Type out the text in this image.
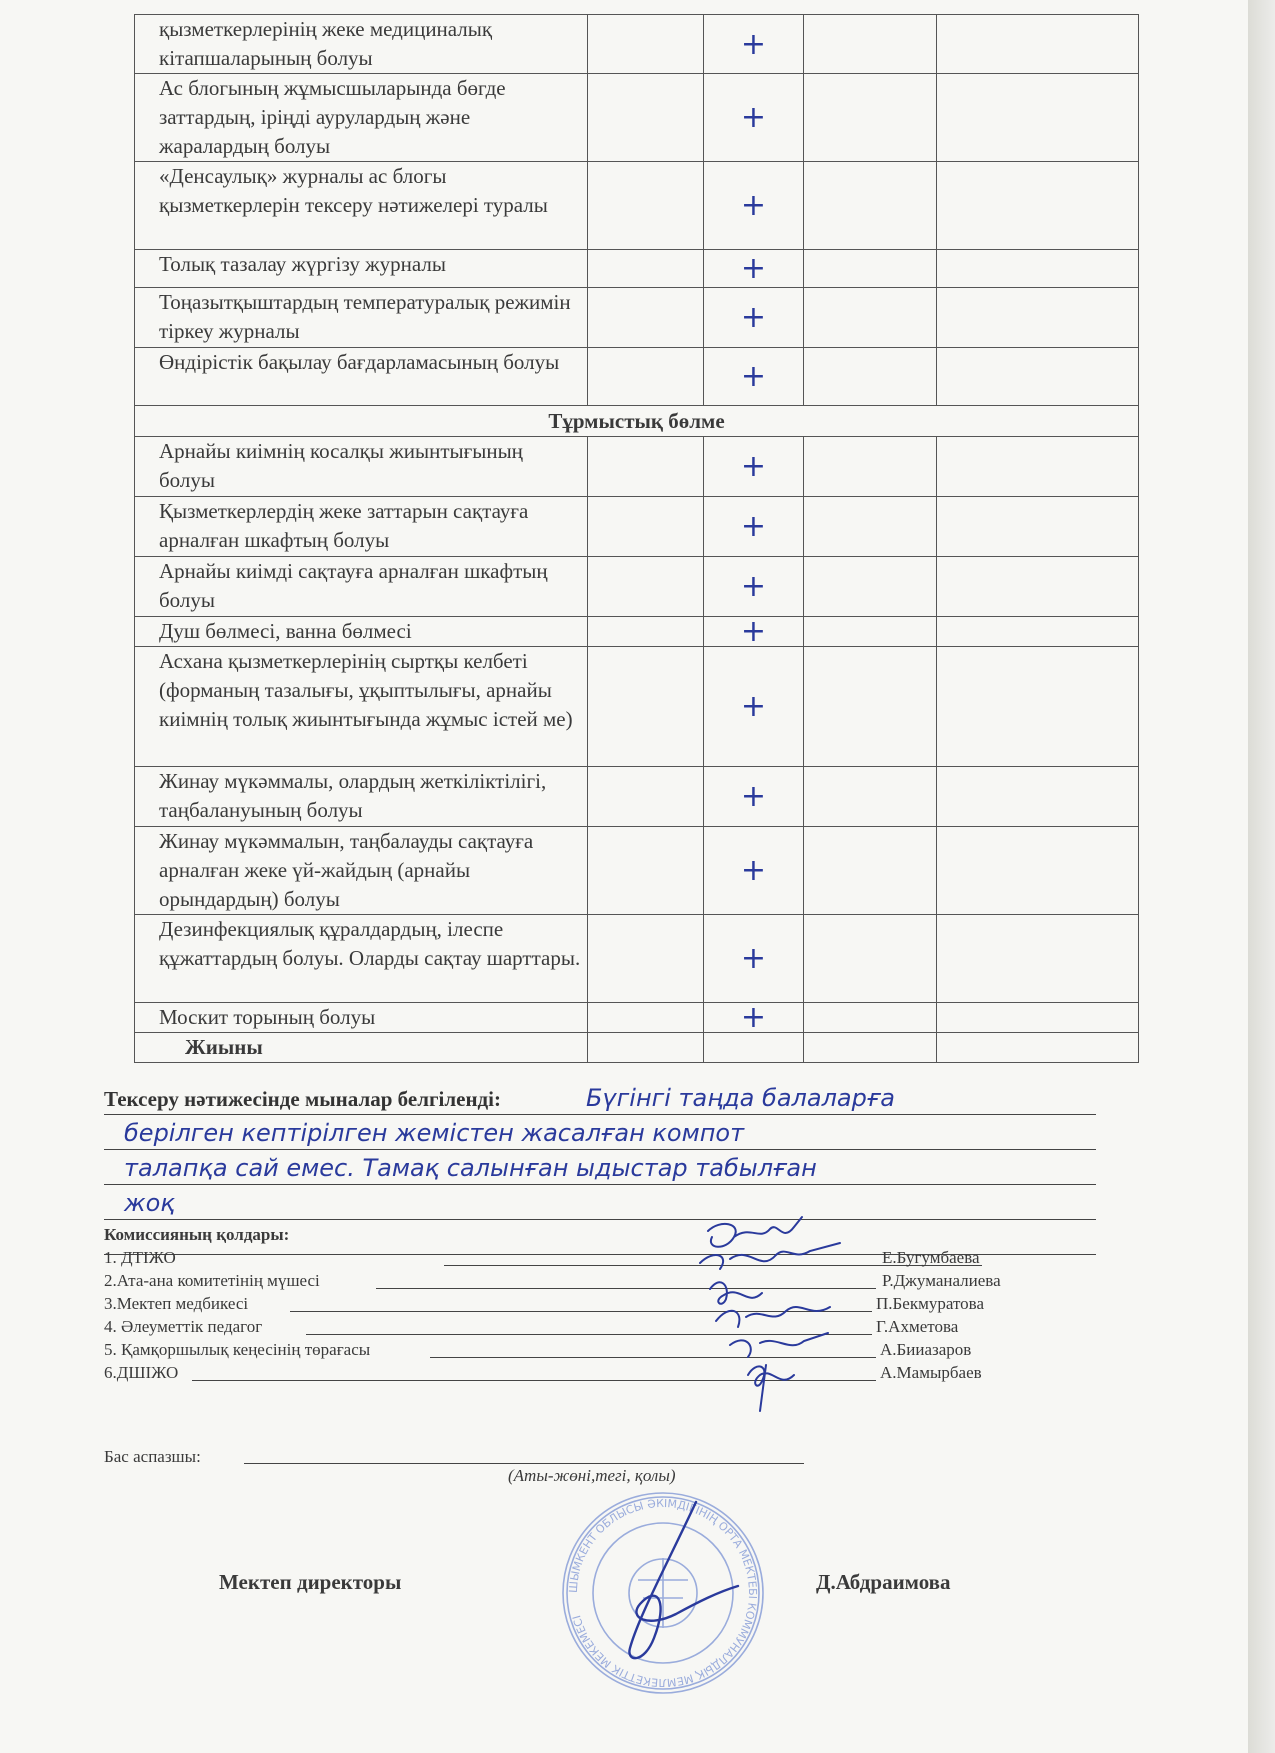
қызметкерлерінің жеке медициналық кітапшаларының болуы		+		
Ас блогының жұмысшыларында бөгде заттардың, іріңді аурулардың және жаралардың болуы		+		
«Денсаулық» журналы ас блогы қызметкерлерін тексеру нәтижелері туралы		+		
Толық тазалау жүргізу журналы		+		
Тоңазытқыштардың температуралық режимін тіркеу журналы		+		
Өндірістік бақылау бағдарламасының болуы		+		
Тұрмыстық бөлме				
Арнайы киімнің косалқы жиынтығының болуы		+		
Қызметкерлердің жеке заттарын сақтауға арналған шкафтың болуы		+		
Арнайы киімді сақтауға арналған шкафтың болуы		+		
Душ бөлмесі, ванна бөлмесі		+		
Асхана қызметкерлерінің сыртқы келбеті (форманың тазалығы, ұқыптылығы, арнайы киімнің толық жиынтығында жұмыс істей ме)		+		
Жинау мүкәммалы, олардың жеткіліктілігі, таңбалануының болуы		+		
Жинау мүкәммалын, таңбалауды сақтауға арналған жеке үй-жайдың (арнайы орындардың) болуы		+		
Дезинфекциялық құралдардың, ілеспе құжаттардың болуы. Оларды сақтау шарттары.		+		
Москит торының болуы		+		
Жиыны				
Тексеру нәтижесінде мыналар белгіленді:	Бүгінгі таңда балаларға
берілген кептірілген жемістен жасалған компот
талапқа сай емес. Тамақ салынған ыдыстар табылған
жоқ
Комиссияның қолдары:
1. ДТІЖО	Е.Бугумбаева
2.Ата-ана комитетінің мүшесі	Р.Джуманалиева
3.Мектеп медбикесі	П.Бекмуратова
4. Әлеуметтік педагог	Г.Ахметова
5. Қамқоршылық кеңесінің төрағасы	А.Бииазаров
6.ДШІЖО	А.Мамырбаев
Бас аспазшы:
(Аты-жөні,тегі, қолы)
Мектеп директоры	Д.Абдраимова
ШЫМКЕНТ ОБЛЫСЫ ӘКІМДІГІНІҢ ОРТА МЕКТЕБІ КОММУНАЛДЫҚ МЕМЛЕКЕТТІК МЕКЕМЕСІ
